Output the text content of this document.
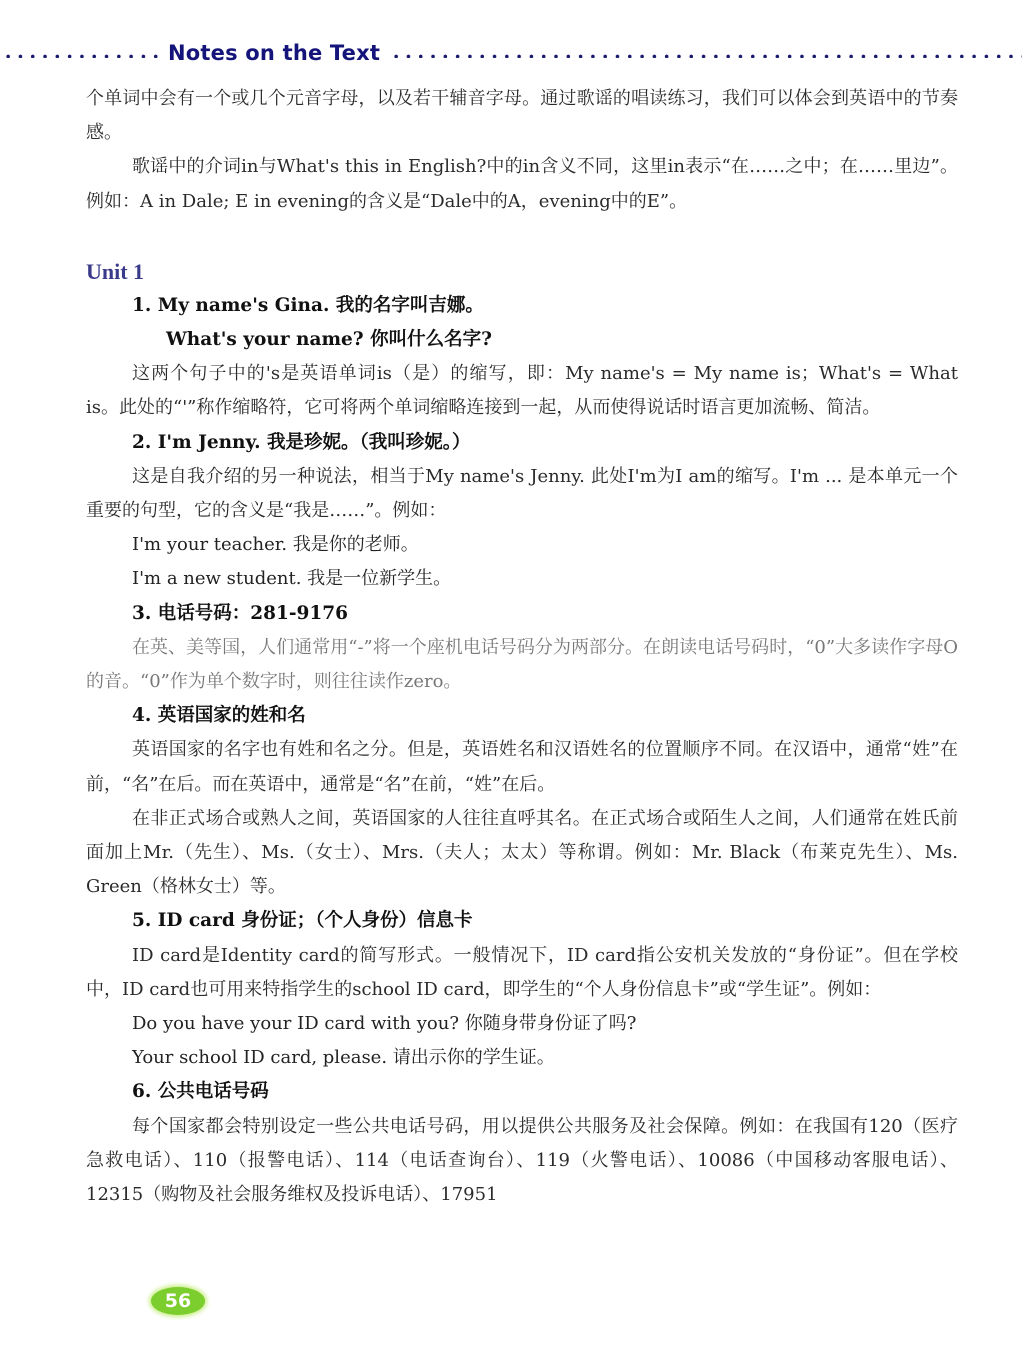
Notes on the Text

个单词中会有一个或几个元音字母，以及若干辅音字母。通过歌谣的唱读练习，我们可以体会到英语中的节奏感。

歌谣中的介词in与What's this in English?中的in含义不同，这里in表示“在……之中；在……里边”。例如：A in Dale; E in evening的含义是“Dale中的A，evening中的E”。

Unit 1
1. My name's Gina. 我的名字叫吉娜。
What's your name? 你叫什么名字?

这两个句子中的's是英语单词is（是）的缩写，即：My name's = My name is；What's = What is。此处的“'”称作缩略符，它可将两个单词缩略连接到一起，从而使得说话时语言更加流畅、简洁。

2. I'm Jenny. 我是珍妮。（我叫珍妮。）

这是自我介绍的另一种说法，相当于My name's Jenny. 此处I'm为I am的缩写。I'm ... 是本单元一个重要的句型，它的含义是“我是……”。例如：

I'm your teacher. 我是你的老师。

I'm a new student. 我是一位新学生。

3. 电话号码：281-9176

在英、美等国，人们通常用“-”将一个座机电话号码分为两部分。在朗读电话号码时，“0”大多读作字母O的音。“0”作为单个数字时，则往往读作zero。

4. 英语国家的姓和名

英语国家的名字也有姓和名之分。但是，英语姓名和汉语姓名的位置顺序不同。在汉语中，通常“姓”在前，“名”在后。而在英语中，通常是“名”在前，“姓”在后。

在非正式场合或熟人之间，英语国家的人往往直呼其名。在正式场合或陌生人之间，人们通常在姓氏前面加上Mr.（先生）、Ms.（女士）、Mrs.（夫人；太太）等称谓。例如：Mr. Black（布莱克先生）、Ms. Green（格林女士）等。

5. ID card 身份证；（个人身份）信息卡

ID card是Identity card的简写形式。一般情况下，ID card指公安机关发放的“身份证”。但在学校中，ID card也可用来特指学生的school ID card，即学生的“个人身份信息卡”或“学生证”。例如：

Do you have your ID card with you? 你随身带身份证了吗?

Your school ID card, please. 请出示你的学生证。

6. 公共电话号码

每个国家都会特别设定一些公共电话号码，用以提供公共服务及社会保障。例如：在我国有120（医疗急救电话）、110（报警电话）、114（电话查询台）、119（火警电话）、10086（中国移动客服电话）、12315（购物及社会服务维权及投诉电话）、17951

56
